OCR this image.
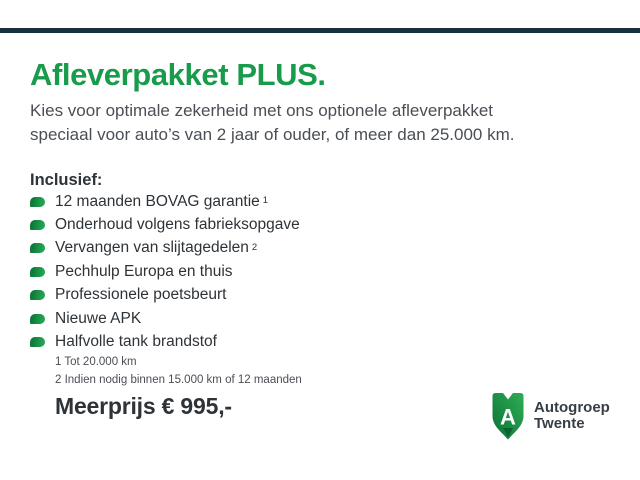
Afleverpakket PLUS.

Kies voor optimale zekerheid met ons optionele afleverpakket
speciaal voor auto’s van 2 jaar of ouder, of meer dan 25.000 km.

Inclusief:
12 maanden BOVAG garantie $^1$
Onderhoud volgens fabrieksopgave
Vervangen van slijtagedelen $^2$
Pechhulp Europa en thuis
Professionele poetsbeurt
Nieuwe APK
Halfvolle tank brandstof
1 Tot 20.000 km
2 Indien nodig binnen 15.000 km of 12 maanden
Meerprijs € 995,-	A Autogroep
Twente
